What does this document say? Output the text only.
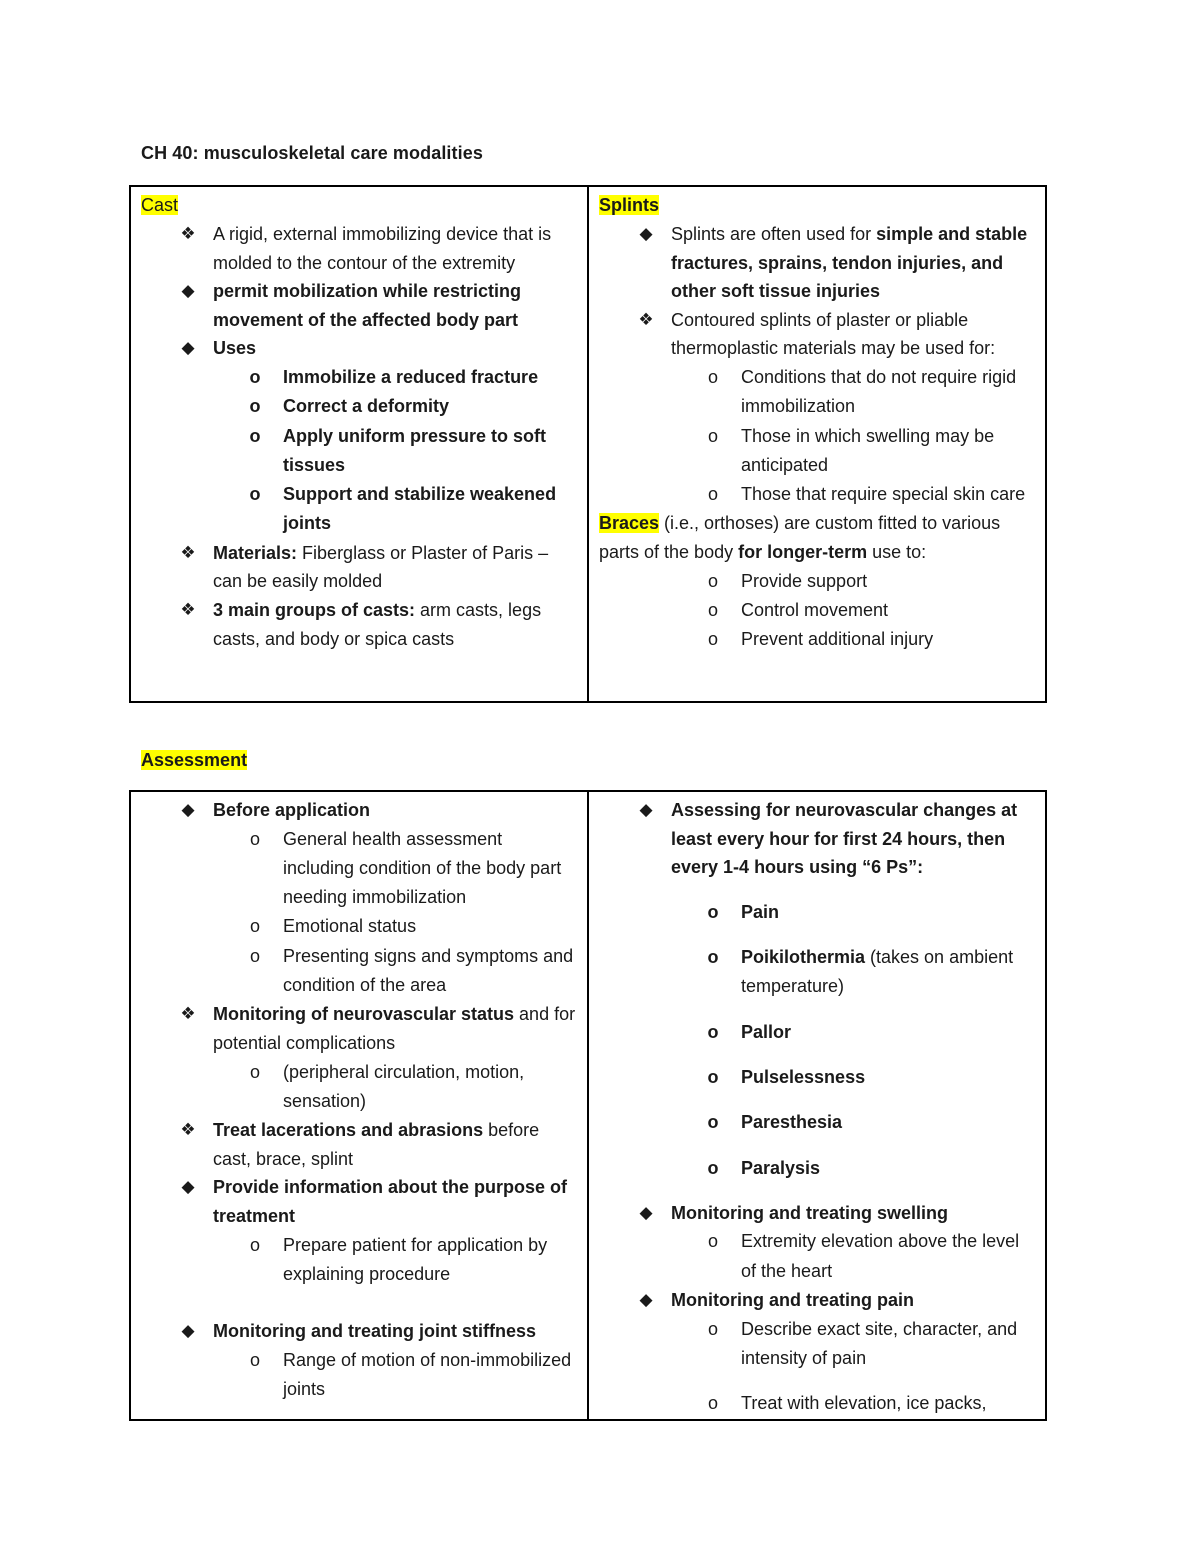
CH 40: musculoskeletal care modalities
Cast
❖ A rigid, external immobilizing device that is molded to the contour of the extremity
◆ permit mobilization while restricting movement of the affected body part
◆ Uses
o Immobilize a reduced fracture
o Correct a deformity
o Apply uniform pressure to soft tissues
o Support and stabilize weakened joints
❖ Materials: Fiberglass or Plaster of Paris – can be easily molded
❖ 3 main groups of casts: arm casts, legs casts, and body or spica casts

Splints
◆ Splints are often used for simple and stable fractures, sprains, tendon injuries, and other soft tissue injuries
❖ Contoured splints of plaster or pliable thermoplastic materials may be used for:
o Conditions that do not require rigid immobilization
o Those in which swelling may be anticipated
o Those that require special skin care
Braces (i.e., orthoses) are custom fitted to various parts of the body for longer-term use to:
o Provide support
o Control movement
o Prevent additional injury
Assessment
◆ Before application
o General health assessment including condition of the body part needing immobilization
o Emotional status
o Presenting signs and symptoms and condition of the area
❖ Monitoring of neurovascular status and for potential complications
o (peripheral circulation, motion, sensation)
❖ Treat lacerations and abrasions before cast, brace, splint
◆ Provide information about the purpose of treatment
o Prepare patient for application by explaining procedure
◆ Monitoring and treating joint stiffness
o Range of motion of non-immobilized joints

◆ Assessing for neurovascular changes at least every hour for first 24 hours, then every 1-4 hours using “6 Ps”:
o Pain
o Poikilothermia (takes on ambient temperature)
o Pallor
o Pulselessness
o Paresthesia
o Paralysis
◆ Monitoring and treating swelling
o Extremity elevation above the level of the heart
◆ Monitoring and treating pain
o Describe exact site, character, and intensity of pain
o Treat with elevation, ice packs,
